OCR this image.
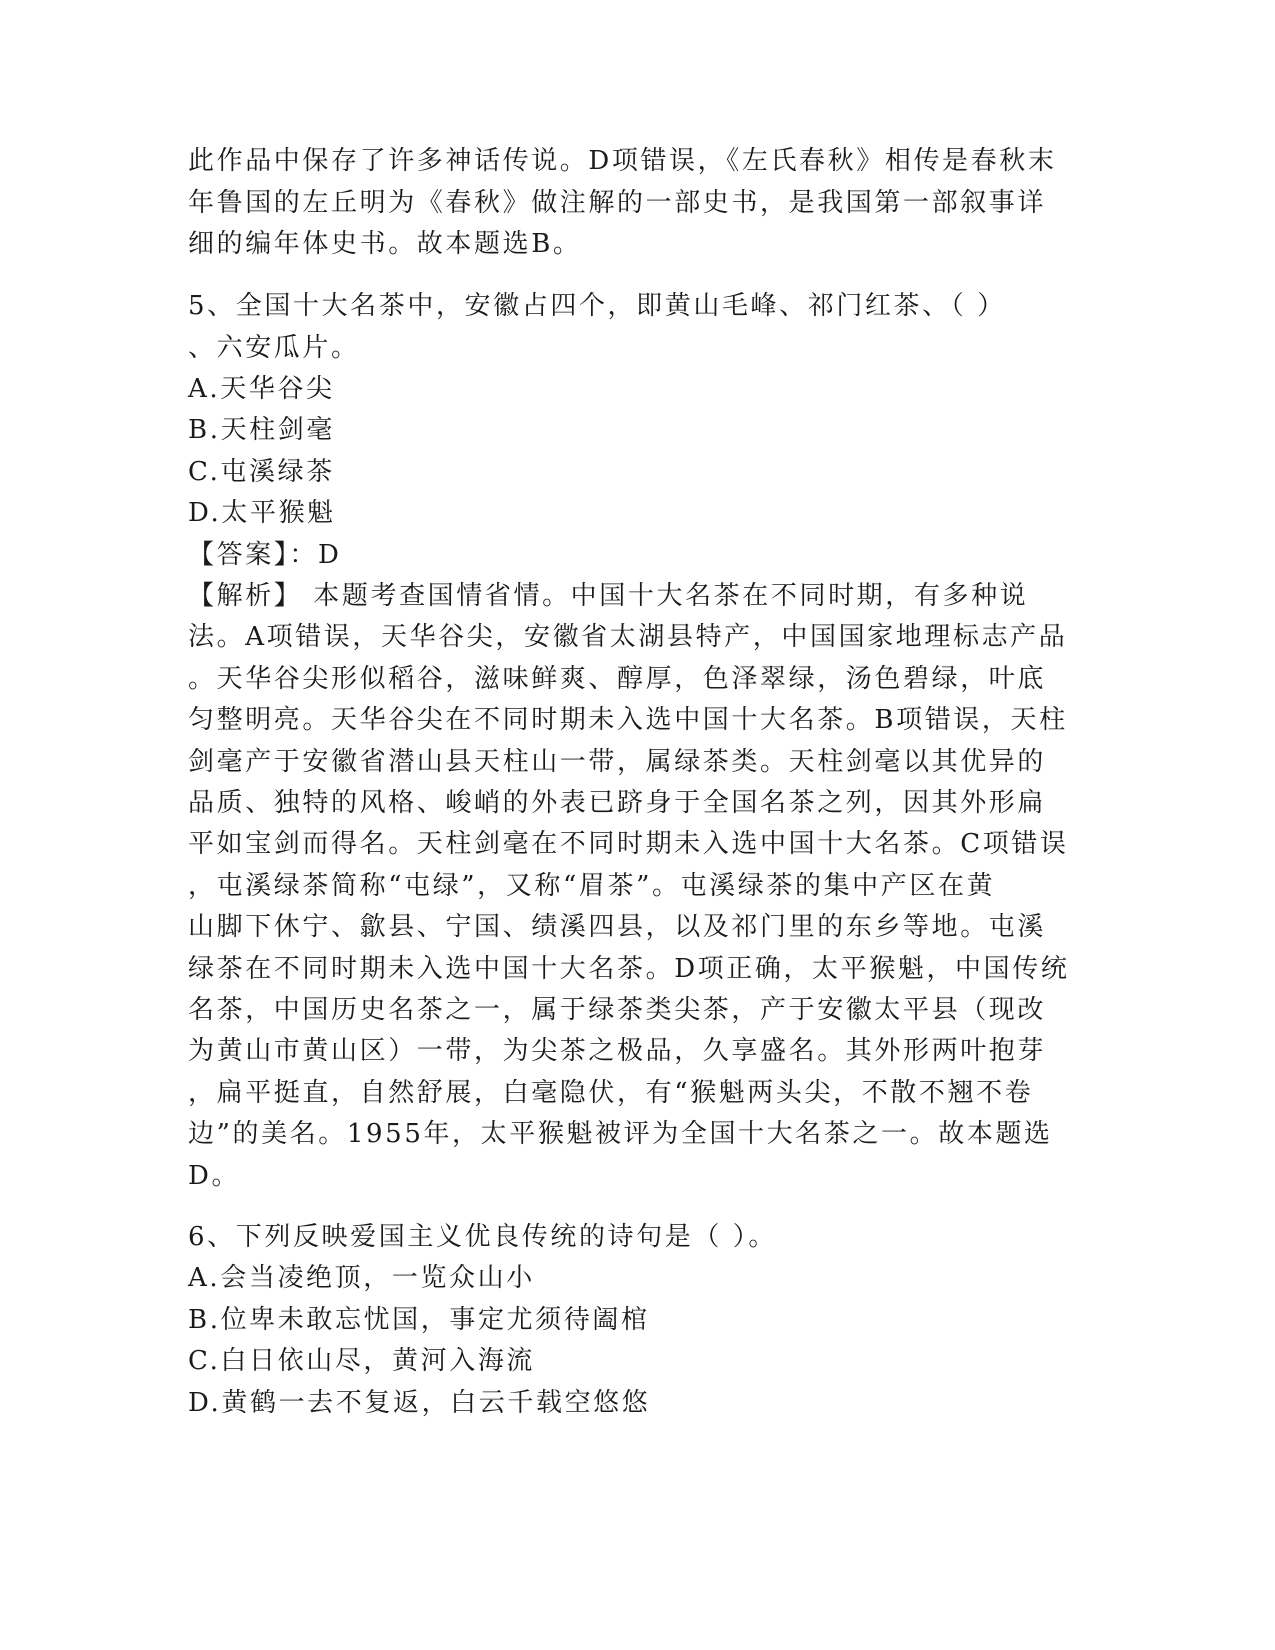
此作品中保存了许多神话传说。D项错误，《左氏春秋》相传是春秋末

年鲁国的左丘明为《春秋》做注解的一部史书，是我国第一部叙事详

细的编年体史书。故本题选B。

5、全国十大名茶中，安徽占四个，即黄山毛峰、祁门红茶、（ ）

、六安瓜片。

A.天华谷尖

B.天柱剑毫

C.屯溪绿茶

D.太平猴魁

【答案】：D

【解析】 本题考查国情省情。中国十大名茶在不同时期，有多种说

法。A项错误，天华谷尖，安徽省太湖县特产，中国国家地理标志产品

。天华谷尖形似稻谷，滋味鲜爽、醇厚，色泽翠绿，汤色碧绿，叶底

匀整明亮。天华谷尖在不同时期未入选中国十大名茶。B项错误，天柱

剑毫产于安徽省潜山县天柱山一带，属绿茶类。天柱剑毫以其优异的

品质、独特的风格、峻峭的外表已跻身于全国名茶之列，因其外形扁

平如宝剑而得名。天柱剑毫在不同时期未入选中国十大名茶。C项错误

，屯溪绿茶简称“屯绿”，又称“眉茶”。屯溪绿茶的集中产区在黄

山脚下休宁、歙县、宁国、绩溪四县，以及祁门里的东乡等地。屯溪

绿茶在不同时期未入选中国十大名茶。D项正确，太平猴魁，中国传统

名茶，中国历史名茶之一，属于绿茶类尖茶，产于安徽太平县（现改

为黄山市黄山区）一带，为尖茶之极品，久享盛名。其外形两叶抱芽

，扁平挺直，自然舒展，白毫隐伏，有“猴魁两头尖，不散不翘不卷

边”的美名。1955年，太平猴魁被评为全国十大名茶之一。故本题选

D。

6、下列反映爱国主义优良传统的诗句是（ ）。

A.会当凌绝顶，一览众山小

B.位卑未敢忘忧国，事定尤须待阖棺

C.白日依山尽，黄河入海流

D.黄鹤一去不复返，白云千载空悠悠
